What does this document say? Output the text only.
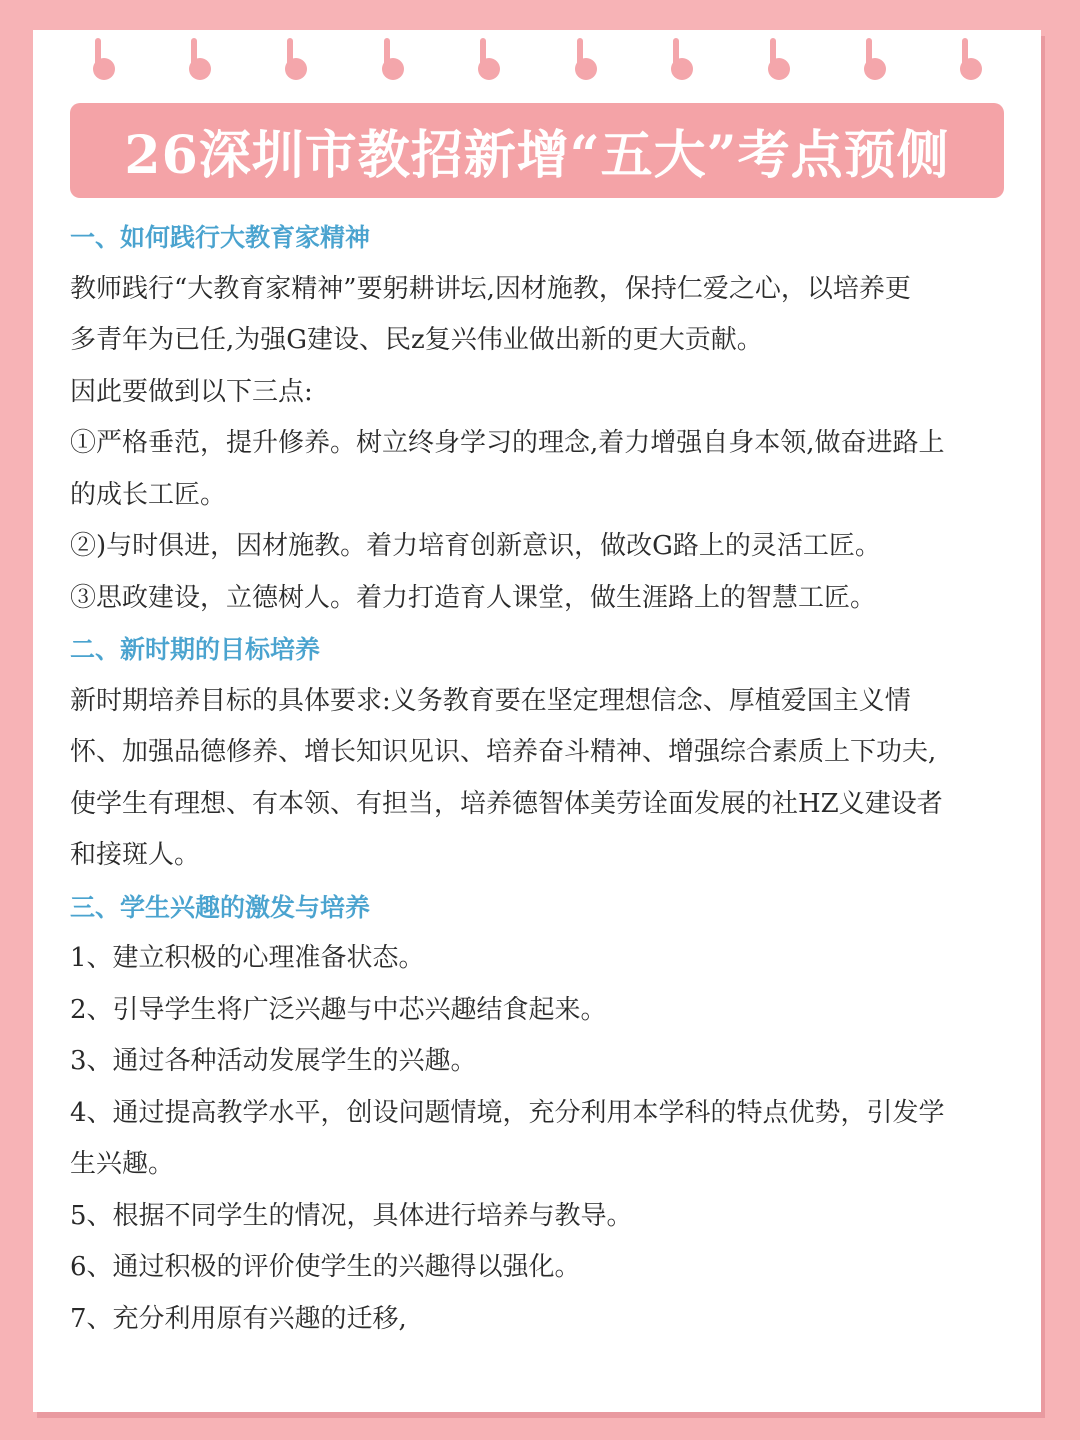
26深圳市教招新增“五大”考点预侧
一、如何践行大教育家精神
教师践行“大教育家精神”要躬耕讲坛,因材施教，保持仁爱之心，以培养更
多青年为已任,为强G建设、民z复兴伟业做出新的更大贡献。
因此要做到以下三点:
①严格垂范，提升修养。树立终身学习的理念,着力增强自身本领,做奋进路上
的成长工匠。
②)与时俱进，因材施教。着力培育创新意识，做改G路上的灵活工匠。
③思政建设，立德树人。着力打造育人课堂，做生涯路上的智慧工匠。
二、新时期的目标培养
新时期培养目标的具体要求:义务教育要在坚定理想信念、厚植爱国主义情
怀、加强品德修养、增长知识见识、培养奋斗精神、增强综合素质上下功夫,
使学生有理想、有本领、有担当，培养德智体美劳诠面发展的社HZ义建设者
和接斑人。
三、学生兴趣的激发与培养
1、建立积极的心理准备状态。
2、引导学生将广泛兴趣与中芯兴趣结食起来。
3、通过各种活动发展学生的兴趣。
4、通过提高教学水平，创设问题情境，充分利用本学科的特点优势，引发学
生兴趣。
5、根据不同学生的情况，具体进行培养与教导。
6、通过积极的评价使学生的兴趣得以强化。
7、充分利用原有兴趣的迁移,
